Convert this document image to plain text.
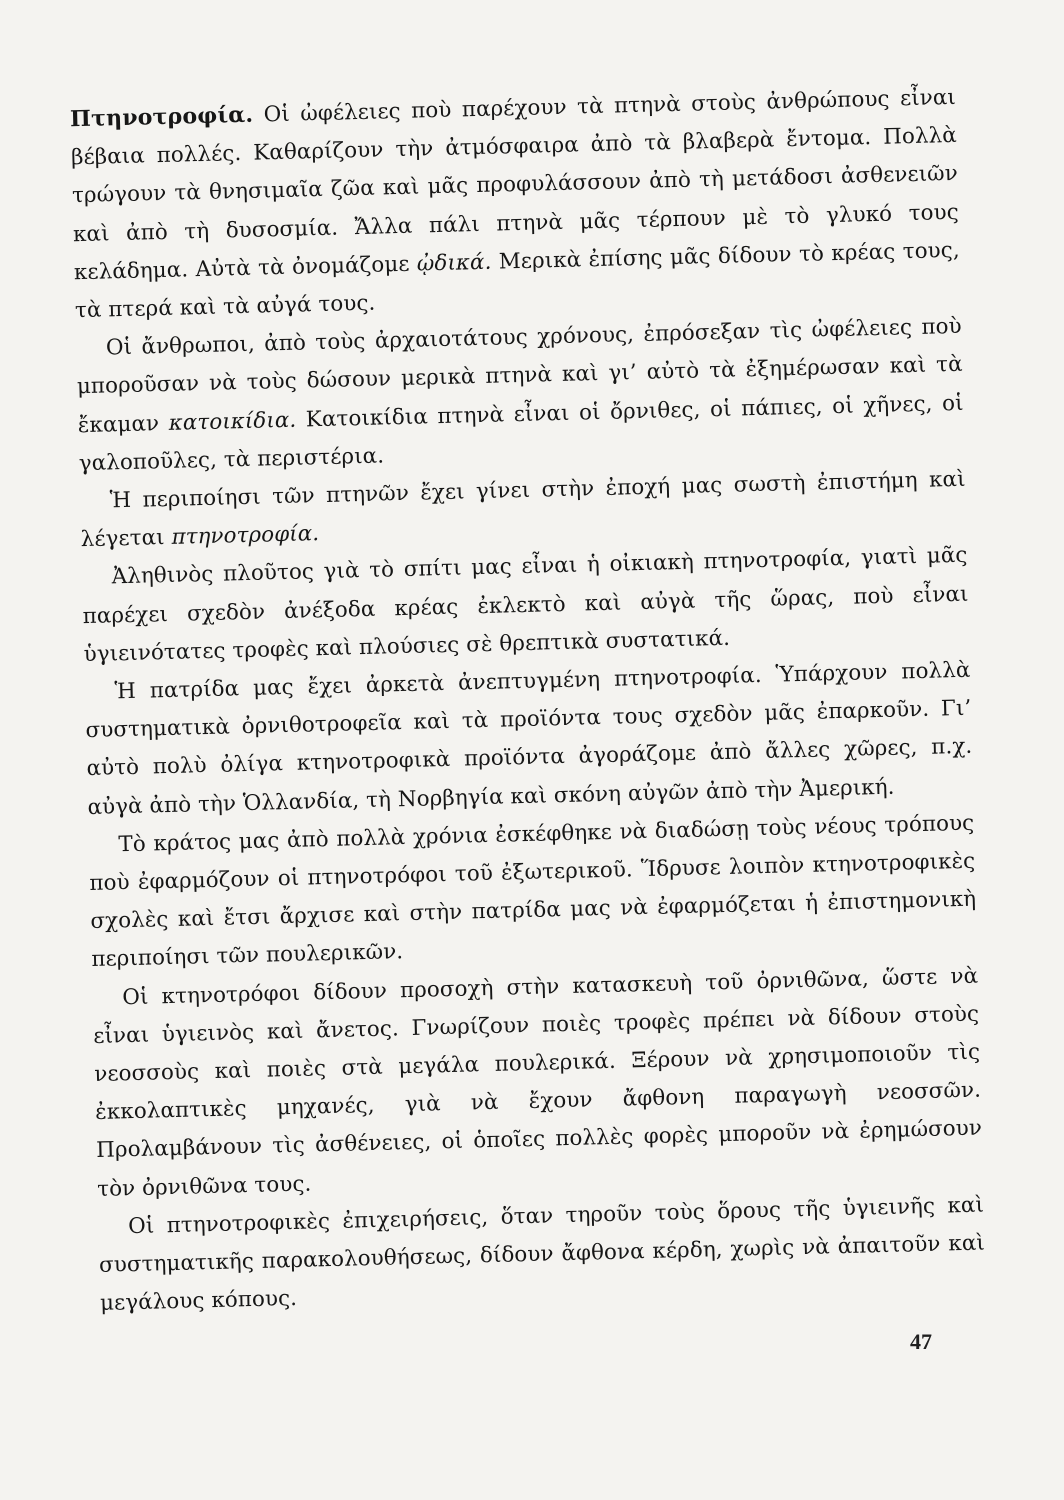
Πτηνοτροφία. Οἱ ὠφέλειες ποὺ παρέχουν τὰ πτηνὰ στοὺς ἀνθρώπους εἶναι βέβαια πολλές. Καθαρίζουν τὴν ἀτμόσφαιρα ἀπὸ τὰ βλαβερὰ ἔντομα. Πολλὰ τρώγουν τὰ θνησιμαῖα ζῶα καὶ μᾶς προφυλάσσουν ἀπὸ τὴ μετάδοσι ἀσθενειῶν καὶ ἀπὸ τὴ δυσοσμία. Ἄλλα πάλι πτηνὰ μᾶς τέρπουν μὲ τὸ γλυκό τους κελάδημα. Αὐτὰ τὰ ὀνομάζομε ᾠδικά. Μερικὰ ἐπίσης μᾶς δίδουν τὸ κρέας τους, τὰ πτερά καὶ τὰ αὐγά τους.

Οἱ ἄνθρωποι, ἀπὸ τοὺς ἀρχαιοτάτους χρόνους, ἐπρόσεξαν τὶς ὠφέλειες ποὺ μποροῦσαν νὰ τοὺς δώσουν μερικὰ πτηνὰ καὶ γι’ αὐτὸ τὰ ἐξημέρωσαν καὶ τὰ ἔκαμαν κατοικίδια. Κατοικίδια πτηνὰ εἶναι οἱ ὄρνιθες, οἱ πάπιες, οἱ χῆνες, οἱ γαλοποῦλες, τὰ περιστέρια.

Ἡ περιποίησι τῶν πτηνῶν ἔχει γίνει στὴν ἐποχή μας σωστὴ ἐπιστήμη καὶ λέγεται πτηνοτροφία.

Ἀληθινὸς πλοῦτος γιὰ τὸ σπίτι μας εἶναι ἡ οἰκιακὴ πτηνοτροφία, γιατὶ μᾶς παρέχει σχεδὸν ἀνέξοδα κρέας ἐκλεκτὸ καὶ αὐγὰ τῆς ὥρας, ποὺ εἶναι ὑγιεινότατες τροφὲς καὶ πλούσιες σὲ θρεπτικὰ συστατικά.

Ἡ πατρίδα μας ἔχει ἀρκετὰ ἀνεπτυγμένη πτηνοτροφία. Ὑπάρχουν πολλὰ συστηματικὰ ὀρνιθοτροφεῖα καὶ τὰ προϊόντα τους σχεδὸν μᾶς ἐπαρκοῦν. Γι’ αὐτὸ πολὺ ὀλίγα κτηνοτροφικὰ προϊόντα ἀγοράζομε ἀπὸ ἄλλες χῶρες, π.χ. αὐγὰ ἀπὸ τὴν Ὁλλανδία, τὴ Νορβηγία καὶ σκόνη αὐγῶν ἀπὸ τὴν Ἀμερική.

Τὸ κράτος μας ἀπὸ πολλὰ χρόνια ἐσκέφθηκε νὰ διαδώσῃ τοὺς νέους τρόπους ποὺ ἐφαρμόζουν οἱ πτηνοτρόφοι τοῦ ἐξωτερικοῦ. Ἵδρυσε λοιπὸν κτηνοτροφικὲς σχολὲς καὶ ἔτσι ἄρχισε καὶ στὴν πατρίδα μας νὰ ἐφαρμόζεται ἡ ἐπιστημονικὴ περιποίησι τῶν πουλερικῶν.

Οἱ κτηνοτρόφοι δίδουν προσοχὴ στὴν κατασκευὴ τοῦ ὀρνιθῶνα, ὥστε νὰ εἶναι ὑγιεινὸς καὶ ἄνετος. Γνωρίζουν ποιὲς τροφὲς πρέπει νὰ δίδουν στοὺς νεοσσοὺς καὶ ποιὲς στὰ μεγάλα πουλερικά. Ξέρουν νὰ χρησιμοποιοῦν τὶς ἐκκολαπτικὲς μηχανές, γιὰ νὰ ἔχουν ἄφθονη παραγωγὴ νεοσσῶν. Προλαμβάνουν τὶς ἀσθένειες, οἱ ὁποῖες πολλὲς φορὲς μποροῦν νὰ ἐρημώσουν τὸν ὀρνιθῶνα τους.

Οἱ πτηνοτροφικὲς ἐπιχειρήσεις, ὅταν τηροῦν τοὺς ὅρους τῆς ὑγιεινῆς καὶ συστηματικῆς παρακολουθήσεως, δίδουν ἄφθονα κέρδη, χωρὶς νὰ ἀπαιτοῦν καὶ μεγάλους κόπους.

47
